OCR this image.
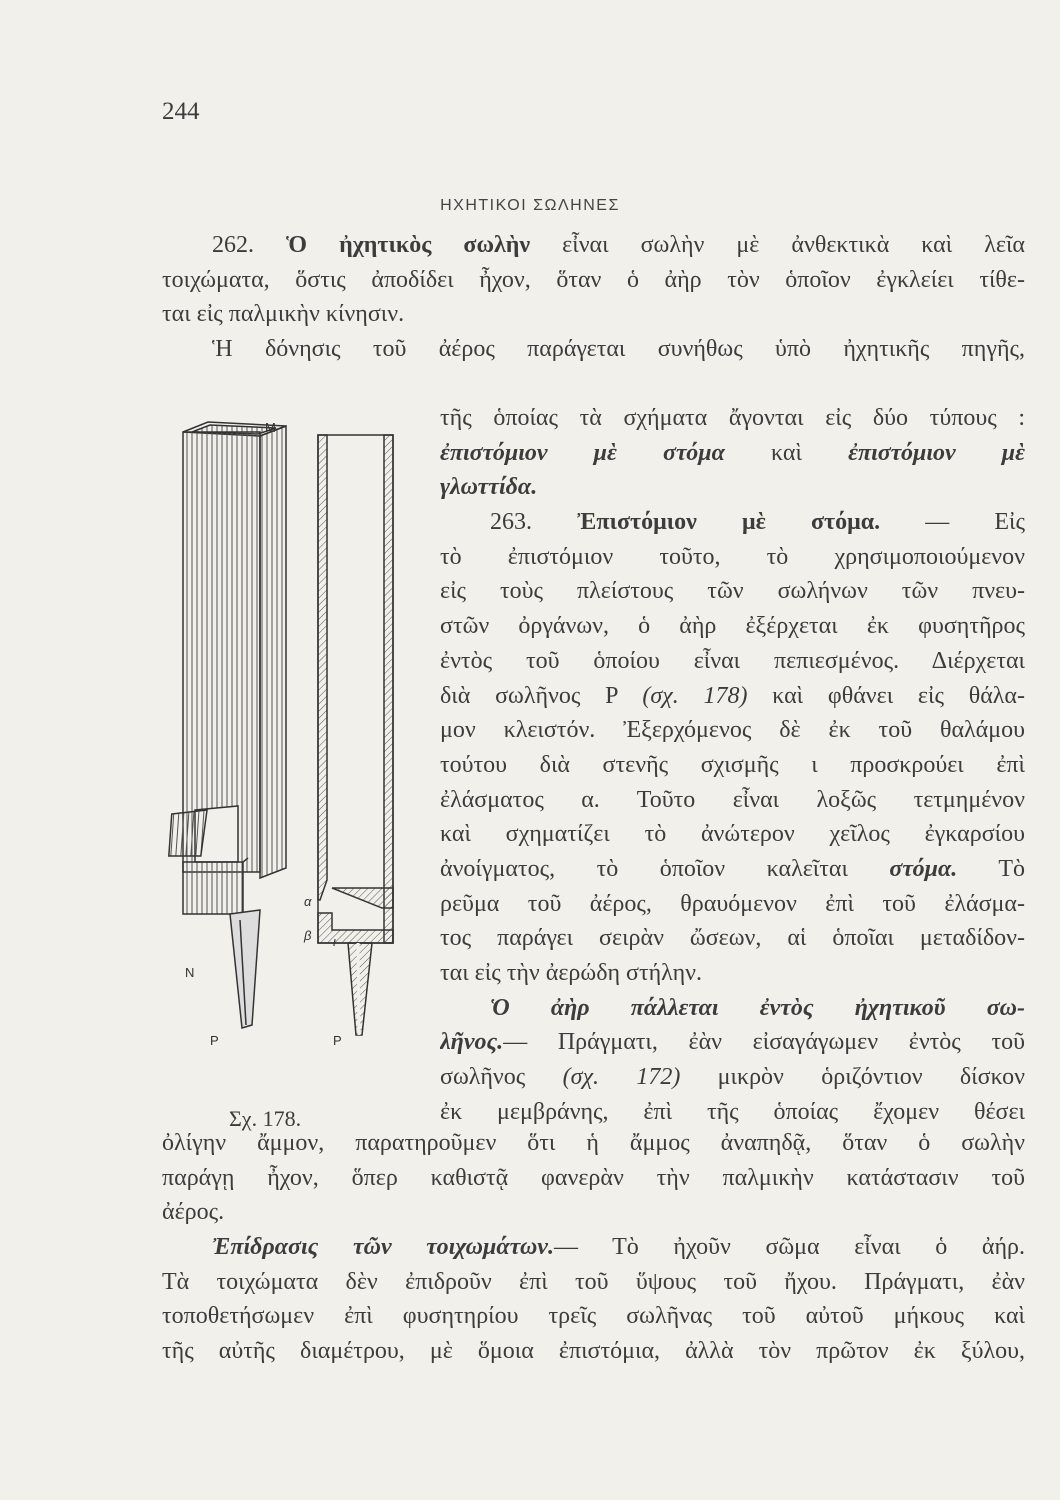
244
ΗΧΗΤΙΚΟΙ ΣΩΛΗΝΕΣ
262. Ὁ ἠχητικὸς σωλὴν εἶναι σωλὴν μὲ ἀνθεκτικὰ καὶ λεῖα
τοιχώματα, ὅστις ἀποδίδει ἦχον, ὅταν ὁ ἀὴρ τὸν ὁποῖον ἐγκλείει τίθε-
ται εἰς παλμικὴν κίνησιν.
Ἡ δόνησις τοῦ ἀέρος παράγεται συνήθως ὑπὸ ἠχητικῆς πηγῆς,
τῆς ὁποίας τὰ σχήματα ἄγονται εἰς δύο τύπους :
ἐπιστόμιον μὲ στόμα καὶ ἐπιστόμιον μὲ
γλωττίδα.
263. Ἐπιστόμιον μὲ στόμα. — Εἰς
τὸ ἐπιστόμιον τοῦτο, τὸ χρησιμοποιούμενον
εἰς τοὺς πλείστους τῶν σωλήνων τῶν πνευ-
στῶν ὀργάνων, ὁ ἀὴρ ἐξέρχεται ἐκ φυσητῆρος
ἐντὸς τοῦ ὁποίου εἶναι πεπιεσμένος. Διέρχεται
διὰ σωλῆνος P (σχ. 178) καὶ φθάνει εἰς θάλα-
μον κλειστόν. Ἐξερχόμενος δὲ ἐκ τοῦ θαλάμου
τούτου διὰ στενῆς σχισμῆς ι προσκρούει ἐπὶ
ἐλάσματος α. Τοῦτο εἶναι λοξῶς τετμημένον
καὶ σχηματίζει τὸ ἀνώτερον χεῖλος ἐγκαρσίου
ἀνοίγματος, τὸ ὁποῖον καλεῖται στόμα. Τὸ
ρεῦμα τοῦ ἀέρος, θραυόμενον ἐπὶ τοῦ ἐλάσμα-
τος παράγει σειρὰν ὤσεων, αἱ ὁποῖαι μεταδίδον-
ται εἰς τὴν ἀερώδη στήλην.
Ὁ ἀὴρ πάλλεται ἐντὸς ἠχητικοῦ σω-
λῆνος.— Πράγματι, ἐὰν εἰσαγάγωμεν ἐντὸς τοῦ
σωλῆνος (σχ. 172) μικρὸν ὁριζόντιον δίσκον
ἐκ μεμβράνης, ἐπὶ τῆς ὁποίας ἔχομεν θέσει
ὀλίγην ἄμμον, παρατηροῦμεν ὅτι ἡ ἄμμος ἀναπηδᾷ, ὅταν ὁ σωλὴν
παράγῃ ἦχον, ὅπερ καθιστᾷ φανερὰν τὴν παλμικὴν κατάστασιν τοῦ
ἀέρος.
Ἐπίδρασις τῶν τοιχωμάτων.— Τὸ ἠχοῦν σῶμα εἶναι ὁ ἀήρ.
Τὰ τοιχώματα δὲν ἐπιδροῦν ἐπὶ τοῦ ὕψους τοῦ ἤχου. Πράγματι, ἐὰν
τοποθετήσωμεν ἐπὶ φυσητηρίου τρεῖς σωλῆνας τοῦ αὐτοῦ μήκους καὶ
τῆς αὐτῆς διαμέτρου, μὲ ὅμοια ἐπιστόμια, ἀλλὰ τὸν πρῶτον ἐκ ξύλου,
M
N
P	P
α
β ι
Σχ. 178.
